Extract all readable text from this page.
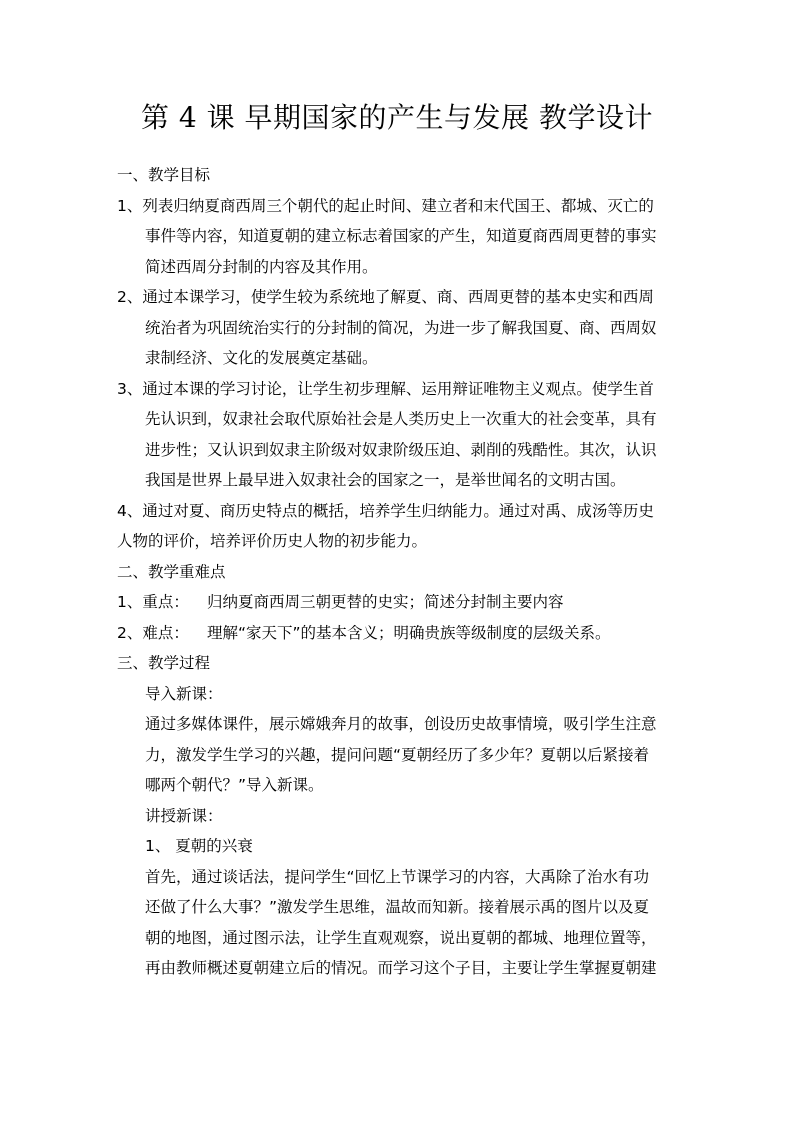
第 4 课 早期国家的产生与发展 教学设计
一、教学目标
1、列表归纳夏商西周三个朝代的起止时间、建立者和末代国王、都城、灭亡的
事件等内容，知道夏朝的建立标志着国家的产生，知道夏商西周更替的事实
简述西周分封制的内容及其作用。
2、通过本课学习，使学生较为系统地了解夏、商、西周更替的基本史实和西周
统治者为巩固统治实行的分封制的简况，为进一步了解我国夏、商、西周奴
隶制经济、文化的发展奠定基础。
3、通过本课的学习讨论，让学生初步理解、运用辩证唯物主义观点。使学生首
先认识到，奴隶社会取代原始社会是人类历史上一次重大的社会变革，具有
进步性；又认识到奴隶主阶级对奴隶阶级压迫、剥削的残酷性。其次，认识
我国是世界上最早进入奴隶社会的国家之一，是举世闻名的文明古国。
4、通过对夏、商历史特点的概括，培养学生归纳能力。通过对禹、成汤等历史
人物的评价，培养评价历史人物的初步能力。
二、教学重难点
1、重点： 归纳夏商西周三朝更替的史实；简述分封制主要内容
2、难点： 理解“家天下”的基本含义；明确贵族等级制度的层级关系。
三、教学过程
导入新课：
通过多媒体课件，展示嫦娥奔月的故事，创设历史故事情境，吸引学生注意
力，激发学生学习的兴趣，提问问题“夏朝经历了多少年？夏朝以后紧接着
哪两个朝代？”导入新课。
讲授新课：
1、 夏朝的兴衰
首先，通过谈话法，提问学生“回忆上节课学习的内容，大禹除了治水有功
还做了什么大事？”激发学生思维，温故而知新。接着展示禹的图片以及夏
朝的地图，通过图示法，让学生直观观察，说出夏朝的都城、地理位置等，
再由教师概述夏朝建立后的情况。而学习这个子目，主要让学生掌握夏朝建
